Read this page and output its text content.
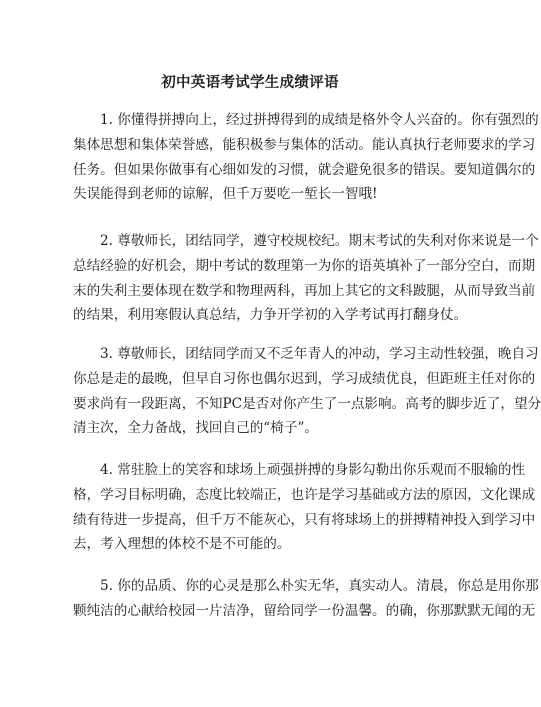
初中英语考试学生成绩评语
1. 你懂得拼搏向上，经过拼搏得到的成绩是格外令人兴奋的。你有强烈的
集体思想和集体荣誉感，能积极参与集体的活动。能认真执行老师要求的学习
任务。但如果你做事有心细如发的习惯，就会避免很多的错误。要知道偶尔的
失误能得到老师的谅解，但千万要吃一堑长一智哦!
2. 尊敬师长，团结同学，遵守校规校纪。期末考试的失利对你来说是一个
总结经验的好机会，期中考试的数理第一为你的语英填补了一部分空白，而期
末的失利主要体现在数学和物理两科，再加上其它的文科跛腿，从而导致当前
的结果，利用寒假认真总结，力争开学初的入学考试再打翻身仗。
3. 尊敬师长，团结同学而又不乏年青人的冲动，学习主动性较强，晚自习
你总是走的最晚，但早自习你也偶尔迟到，学习成绩优良，但距班主任对你的
要求尚有一段距离，不知PC是否对你产生了一点影响。高考的脚步近了，望分
清主次，全力备战，找回自己的“椅子”。
4. 常驻脸上的笑容和球场上顽强拼搏的身影勾勒出你乐观而不服输的性
格，学习目标明确，态度比较端正，也许是学习基础或方法的原因，文化课成
绩有待进一步提高，但千万不能灰心，只有将球场上的拼搏精神投入到学习中
去，考入理想的体校不是不可能的。
5. 你的品质、你的心灵是那么朴实无华，真实动人。清晨，你总是用你那
颗纯洁的心献给校园一片洁净，留给同学一份温馨。的确，你那默默无闻的无
